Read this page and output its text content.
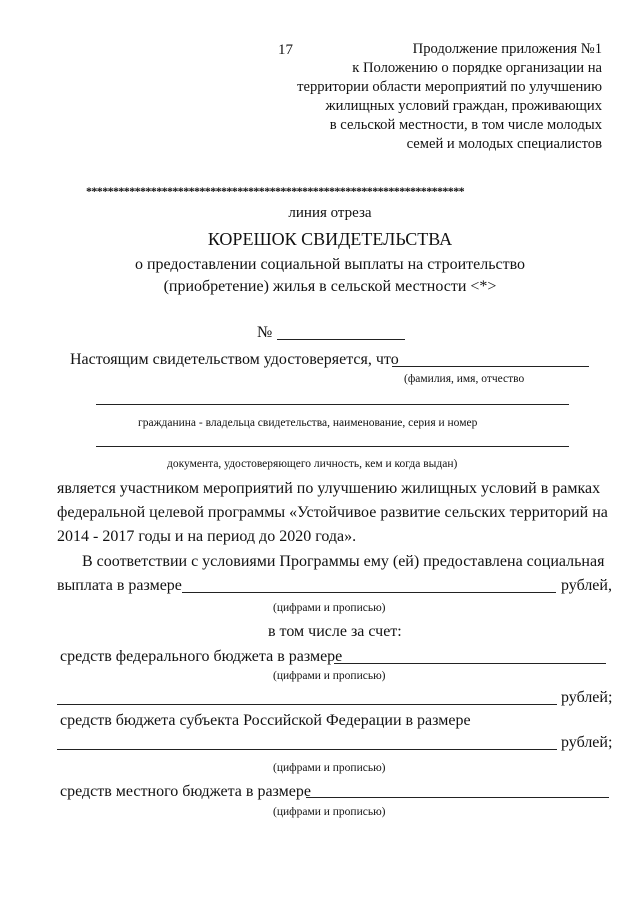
17	Продолжение приложения №1
к Положению о порядке организации на
территории области мероприятий по улучшению
жилищных условий граждан, проживающих
в сельской местности, в том числе молодых
семей и молодых специалистов
**********************************************************************
линия отреза
КОРЕШОК СВИДЕТЕЛЬСТВА
о предоставлении социальной выплаты на строительство
(приобретение) жилья в сельской местности <*>
№
Настоящим свидетельством удостоверяется, что
(фамилия, имя, отчество
гражданина - владельца свидетельства, наименование, серия и номер
документа, удостоверяющего личность, кем и когда выдан)
является участником мероприятий по улучшению жилищных условий в рамках
федеральной целевой программы «Устойчивое развитие сельских территорий на
2014 - 2017 годы и на период до 2020 года».
В соответствии с условиями Программы ему (ей) предоставлена социальная
выплата в размере	рублей,
(цифрами и прописью)
в том числе за счет:
средств федерального бюджета в размере
(цифрами и прописью)
рублей;
средств бюджета субъекта Российской Федерации в размере
рублей;
(цифрами и прописью)
средств местного бюджета в размере
(цифрами и прописью)
